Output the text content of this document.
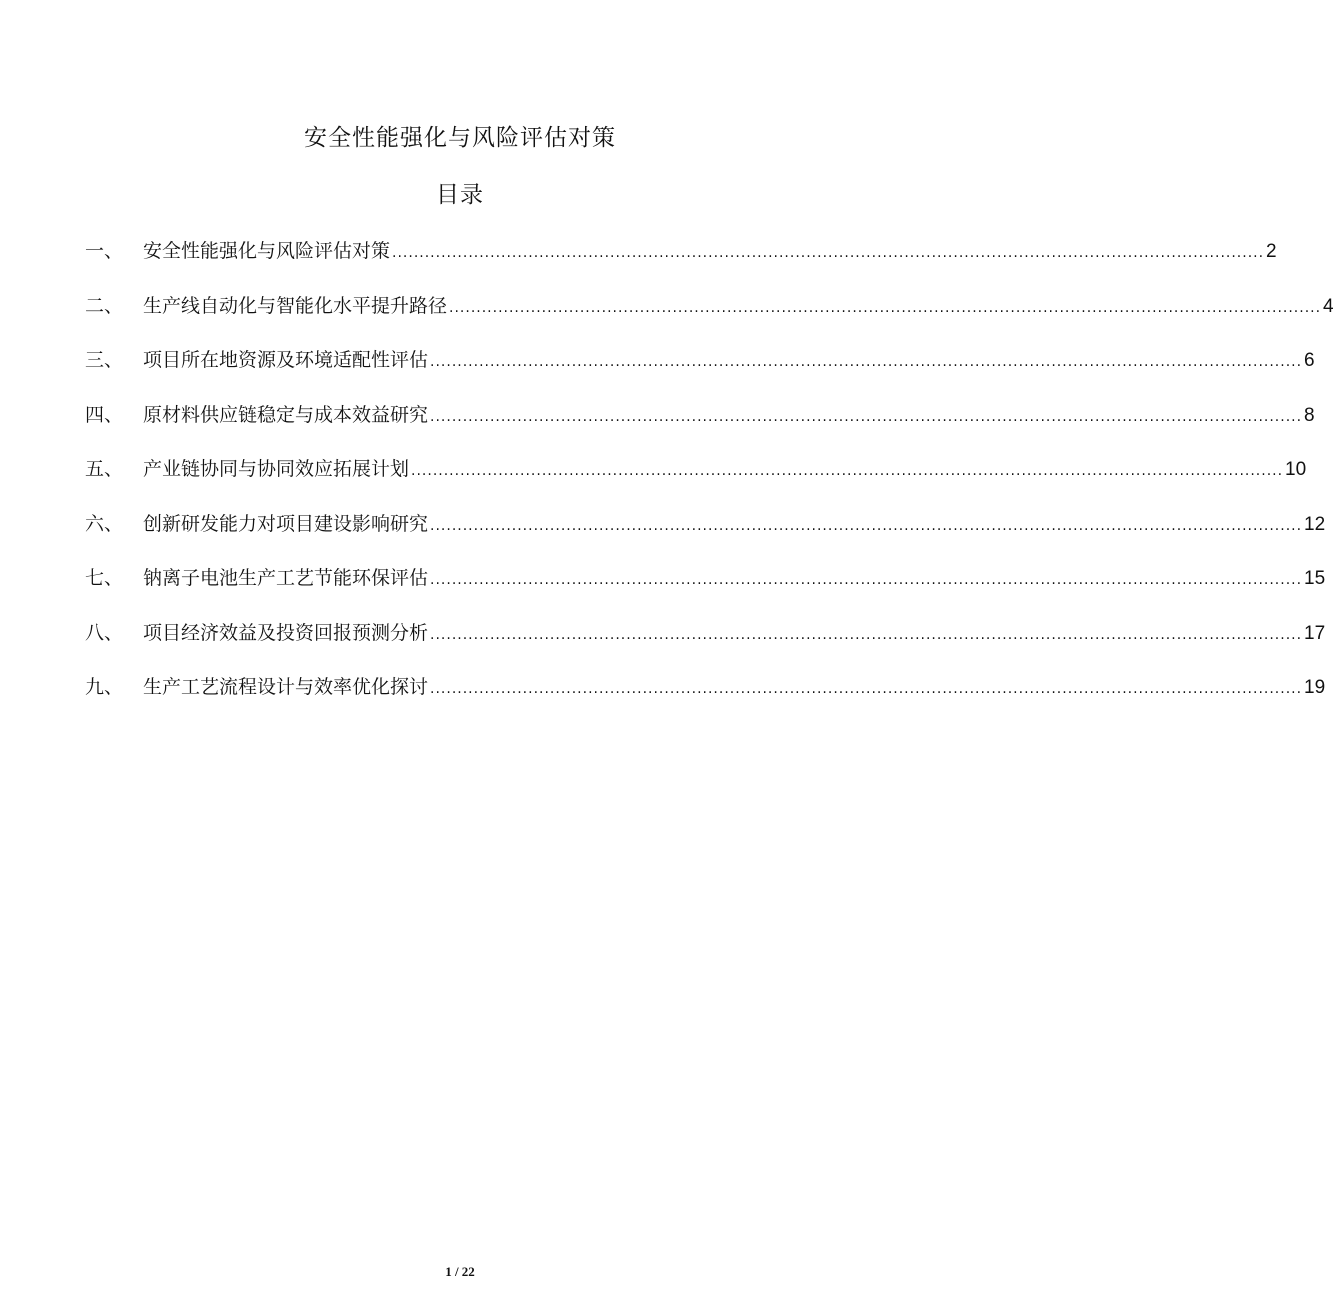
安全性能强化与风险评估对策
目录
一、	安全性能强化与风险评估对策 ................................................................................................................................................................ 2
二、	生产线自动化与智能化水平提升路径 ................................................................................................................................................................ 4
三、	项目所在地资源及环境适配性评估 ................................................................................................................................................................ 6
四、	原材料供应链稳定与成本效益研究 ................................................................................................................................................................ 8
五、	产业链协同与协同效应拓展计划 ................................................................................................................................................................ 10
六、	创新研发能力对项目建设影响研究 ................................................................................................................................................................ 12
七、	钠离子电池生产工艺节能环保评估 ................................................................................................................................................................ 15
八、	项目经济效益及投资回报预测分析 ................................................................................................................................................................ 17
九、	生产工艺流程设计与效率优化探讨 ................................................................................................................................................................ 19
1 / 22
